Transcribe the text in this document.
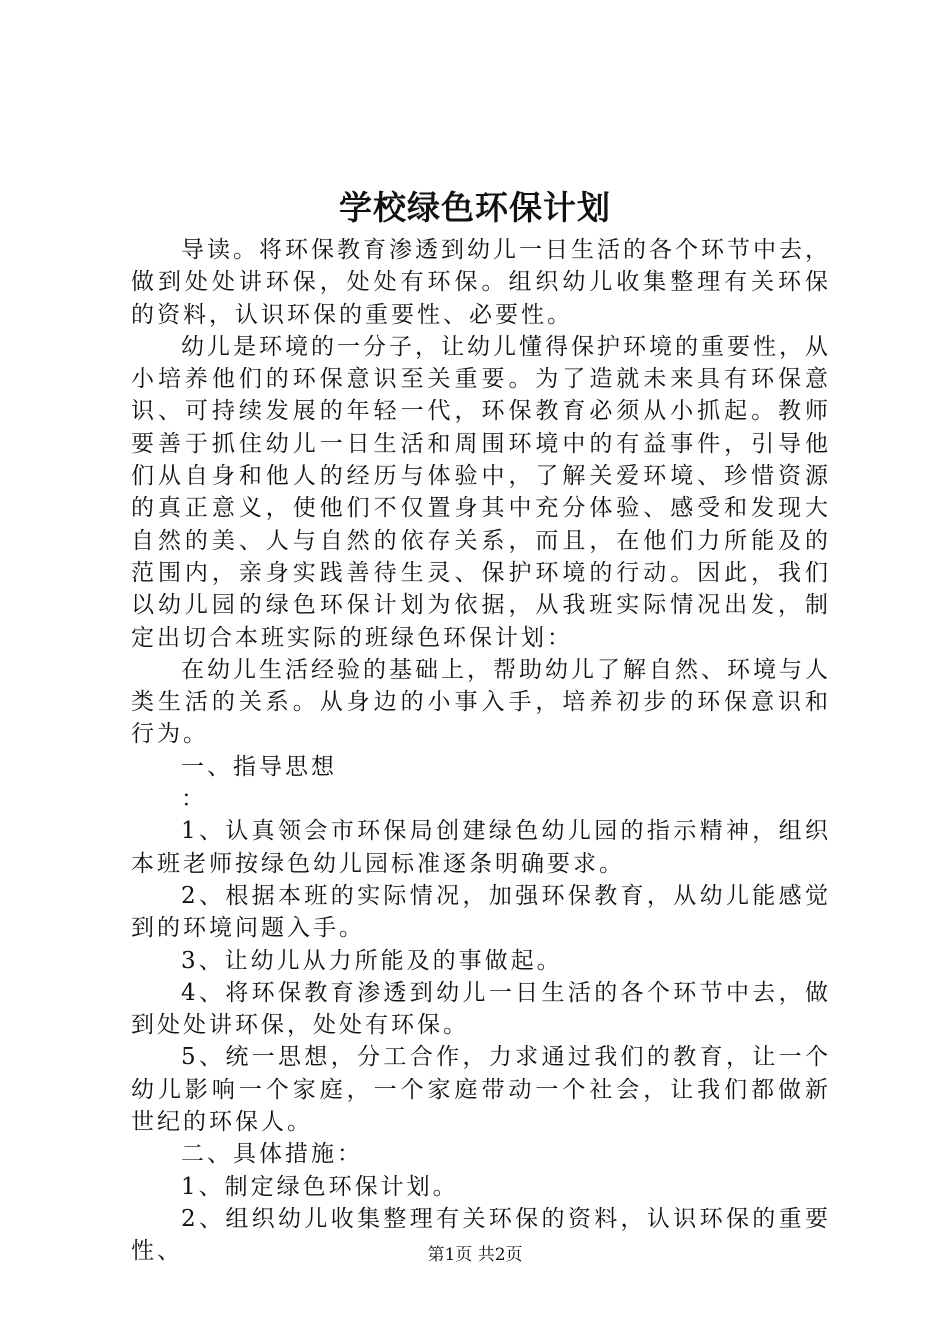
学校绿色环保计划

导读。将环保教育渗透到幼儿一日生活的各个环节中去，做到处处讲环保，处处有环保。组织幼儿收集整理有关环保的资料，认识环保的重要性、必要性。

幼儿是环境的一分子，让幼儿懂得保护环境的重要性，从小培养他们的环保意识至关重要。为了造就未来具有环保意识、可持续发展的年轻一代，环保教育必须从小抓起。教师要善于抓住幼儿一日生活和周围环境中的有益事件，引导他们从自身和他人的经历与体验中，了解关爱环境、珍惜资源的真正意义，使他们不仅置身其中充分体验、感受和发现大自然的美、人与自然的依存关系，而且，在他们力所能及的范围内，亲身实践善待生灵、保护环境的行动。因此，我们以幼儿园的绿色环保计划为依据，从我班实际情况出发，制定出切合本班实际的班绿色环保计划：

在幼儿生活经验的基础上，帮助幼儿了解自然、环境与人类生活的关系。从身边的小事入手，培养初步的环保意识和行为。

一、指导思想

：

1、认真领会市环保局创建绿色幼儿园的指示精神，组织本班老师按绿色幼儿园标准逐条明确要求。

2、根据本班的实际情况，加强环保教育，从幼儿能感觉到的环境问题入手。

3、让幼儿从力所能及的事做起。

4、将环保教育渗透到幼儿一日生活的各个环节中去，做到处处讲环保，处处有环保。

5、统一思想，分工合作，力求通过我们的教育，让一个幼儿影响一个家庭，一个家庭带动一个社会，让我们都做新世纪的环保人。

二、具体措施：

1、制定绿色环保计划。

2、组织幼儿收集整理有关环保的资料，认识环保的重要性、	第1页 共2页
